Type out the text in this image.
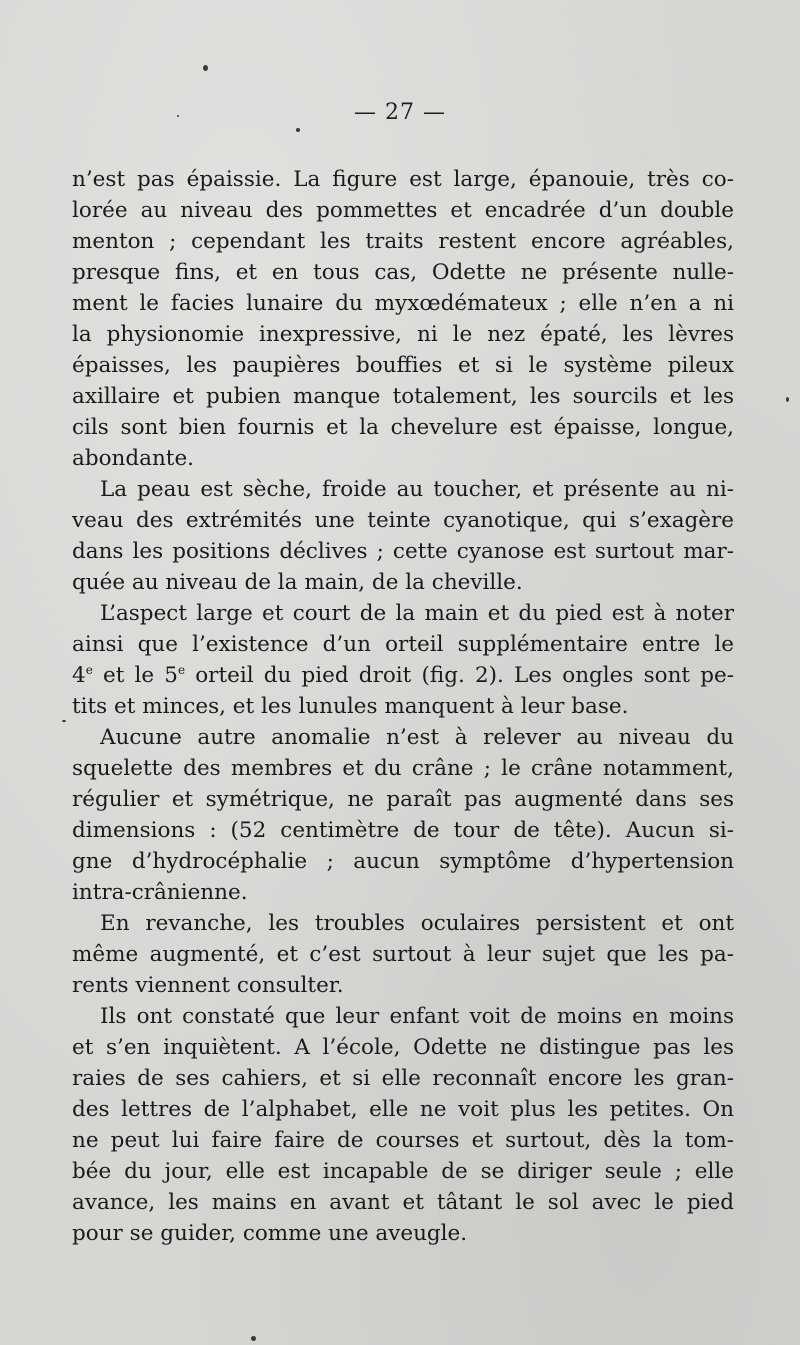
— 27 —
n’est pas épaissie. La figure est large, épanouie, très co-
lorée au niveau des pommettes et encadrée d’un double
menton ; cependant les traits restent encore agréables,
presque fins, et en tous cas, Odette ne présente nulle-
ment le facies lunaire du myxœdémateux ; elle n’en a ni
la physionomie inexpressive, ni le nez épaté, les lèvres
épaisses, les paupières bouffies et si le système pileux
axillaire et pubien manque totalement, les sourcils et les
cils sont bien fournis et la chevelure est épaisse, longue,
abondante.
La peau est sèche, froide au toucher, et présente au ni-
veau des extrémités une teinte cyanotique, qui s’exagère
dans les positions déclives ; cette cyanose est surtout mar-
quée au niveau de la main, de la cheville.
L’aspect large et court de la main et du pied est à noter
ainsi que l’existence d’un orteil supplémentaire entre le
4e et le 5e orteil du pied droit (fig. 2). Les ongles sont pe-
tits et minces, et les lunules manquent à leur base.
Aucune autre anomalie n’est à relever au niveau du
squelette des membres et du crâne ; le crâne notamment,
régulier et symétrique, ne paraît pas augmenté dans ses
dimensions : (52 centimètre de tour de tête). Aucun si-
gne d’hydrocéphalie ; aucun symptôme d’hypertension
intra-crânienne.
En revanche, les troubles oculaires persistent et ont
même augmenté, et c’est surtout à leur sujet que les pa-
rents viennent consulter.
Ils ont constaté que leur enfant voit de moins en moins
et s’en inquiètent. A l’école, Odette ne distingue pas les
raies de ses cahiers, et si elle reconnaît encore les gran-
des lettres de l’alphabet, elle ne voit plus les petites. On
ne peut lui faire faire de courses et surtout, dès la tom-
bée du jour, elle est incapable de se diriger seule ; elle
avance, les mains en avant et tâtant le sol avec le pied
pour se guider, comme une aveugle.
